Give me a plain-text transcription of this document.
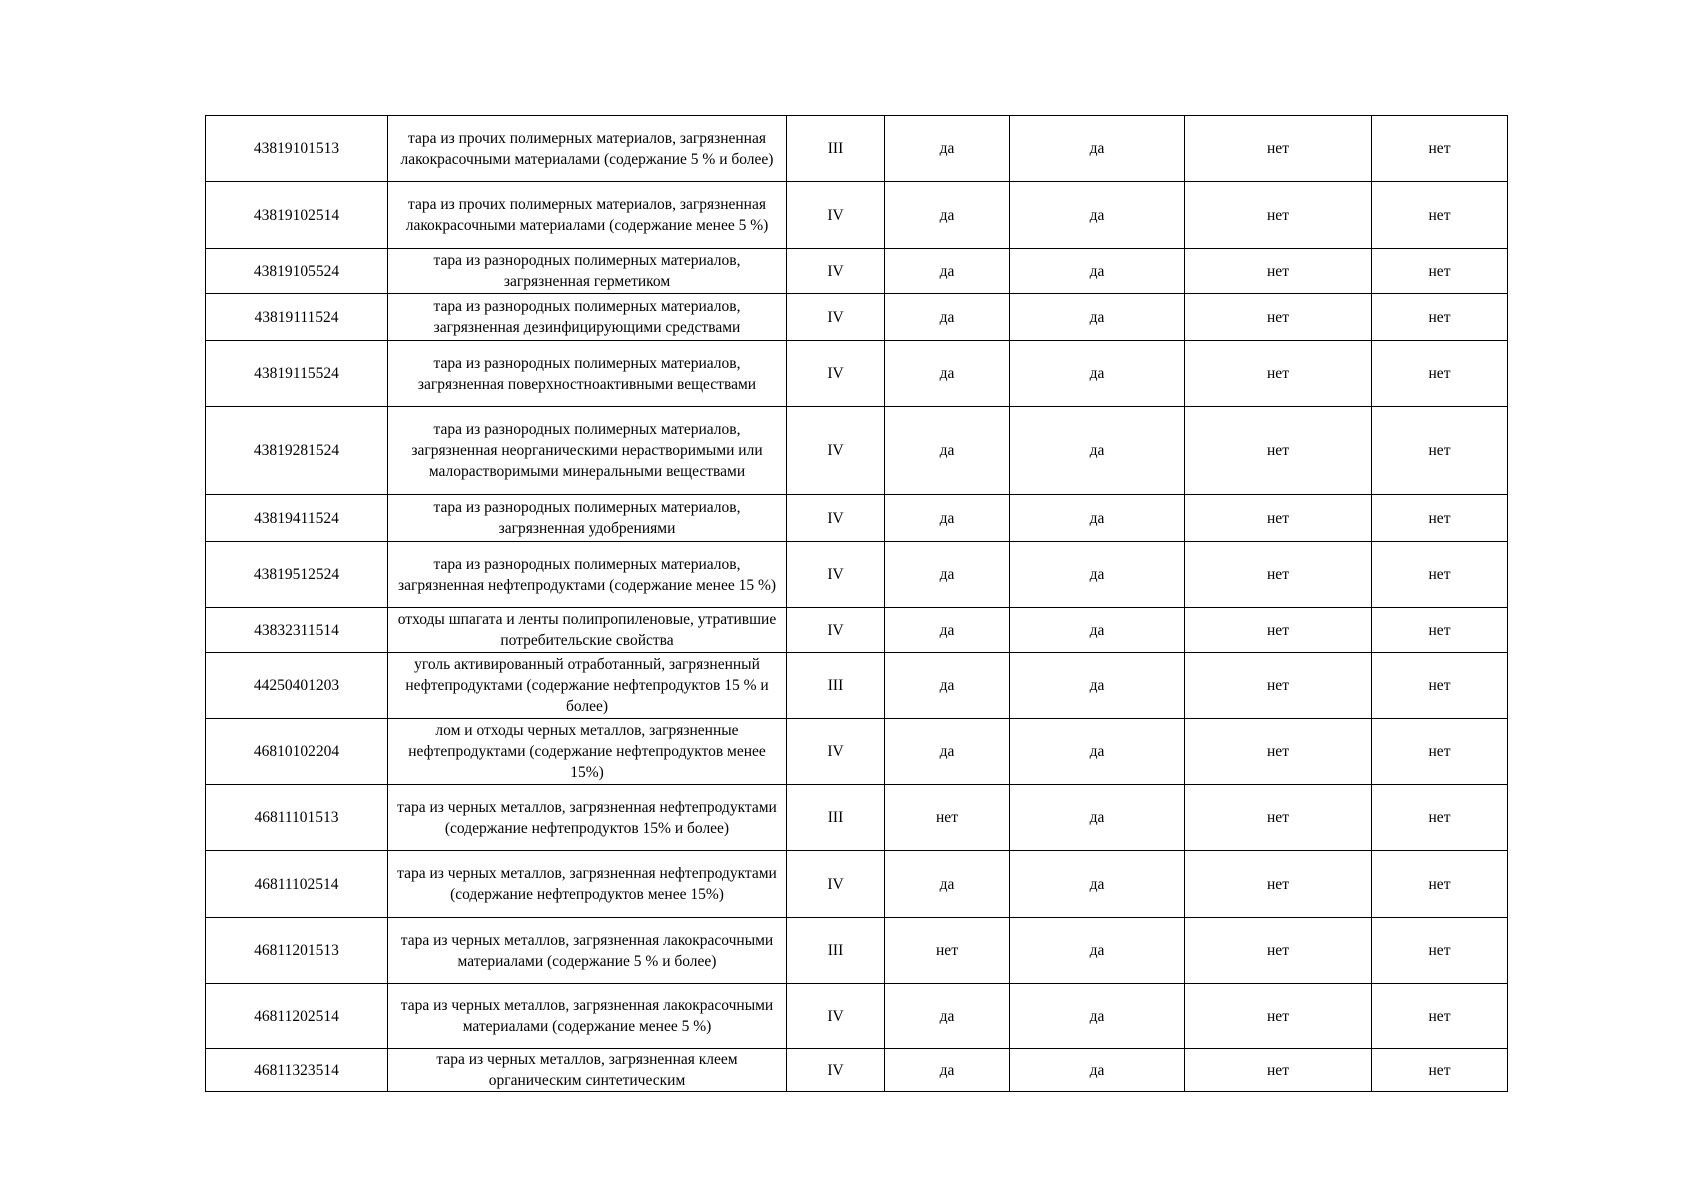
43819101513	тара из прочих полимерных материалов, загрязненная лакокрасочными материалами (содержание 5 % и более)	III	да	да	нет	нет
43819102514	тара из прочих полимерных материалов, загрязненная лакокрасочными материалами (содержание менее 5 %)	IV	да	да	нет	нет
43819105524	тара из разнородных полимерных материалов, загрязненная герметиком	IV	да	да	нет	нет
43819111524	тара из разнородных полимерных материалов, загрязненная дезинфицирующими средствами	IV	да	да	нет	нет
43819115524	тара из разнородных полимерных материалов, загрязненная поверхностноактивными веществами	IV	да	да	нет	нет
43819281524	тара из разнородных полимерных материалов, загрязненная неорганическими нерастворимыми или малорастворимыми минеральными веществами	IV	да	да	нет	нет
43819411524	тара из разнородных полимерных материалов, загрязненная удобрениями	IV	да	да	нет	нет
43819512524	тара из разнородных полимерных материалов, загрязненная нефтепродуктами (содержание менее 15 %)	IV	да	да	нет	нет
43832311514	отходы шпагата и ленты полипропиленовые, утратившие потребительские свойства	IV	да	да	нет	нет
44250401203	уголь активированный отработанный, загрязненный нефтепродуктами (содержание нефтепродуктов 15 % и более)	III	да	да	нет	нет
46810102204	лом и отходы черных металлов, загрязненные нефтепродуктами (содержание нефтепродуктов менее 15%)	IV	да	да	нет	нет
46811101513	тара из черных металлов, загрязненная нефтепродуктами (содержание нефтепродуктов 15% и более)	III	нет	да	нет	нет
46811102514	тара из черных металлов, загрязненная нефтепродуктами (содержание нефтепродуктов менее 15%)	IV	да	да	нет	нет
46811201513	тара из черных металлов, загрязненная лакокрасочными материалами (содержание 5 % и более)	III	нет	да	нет	нет
46811202514	тара из черных металлов, загрязненная лакокрасочными материалами (содержание менее 5 %)	IV	да	да	нет	нет
46811323514	тара из черных металлов, загрязненная клеем органическим синтетическим	IV	да	да	нет	нет
